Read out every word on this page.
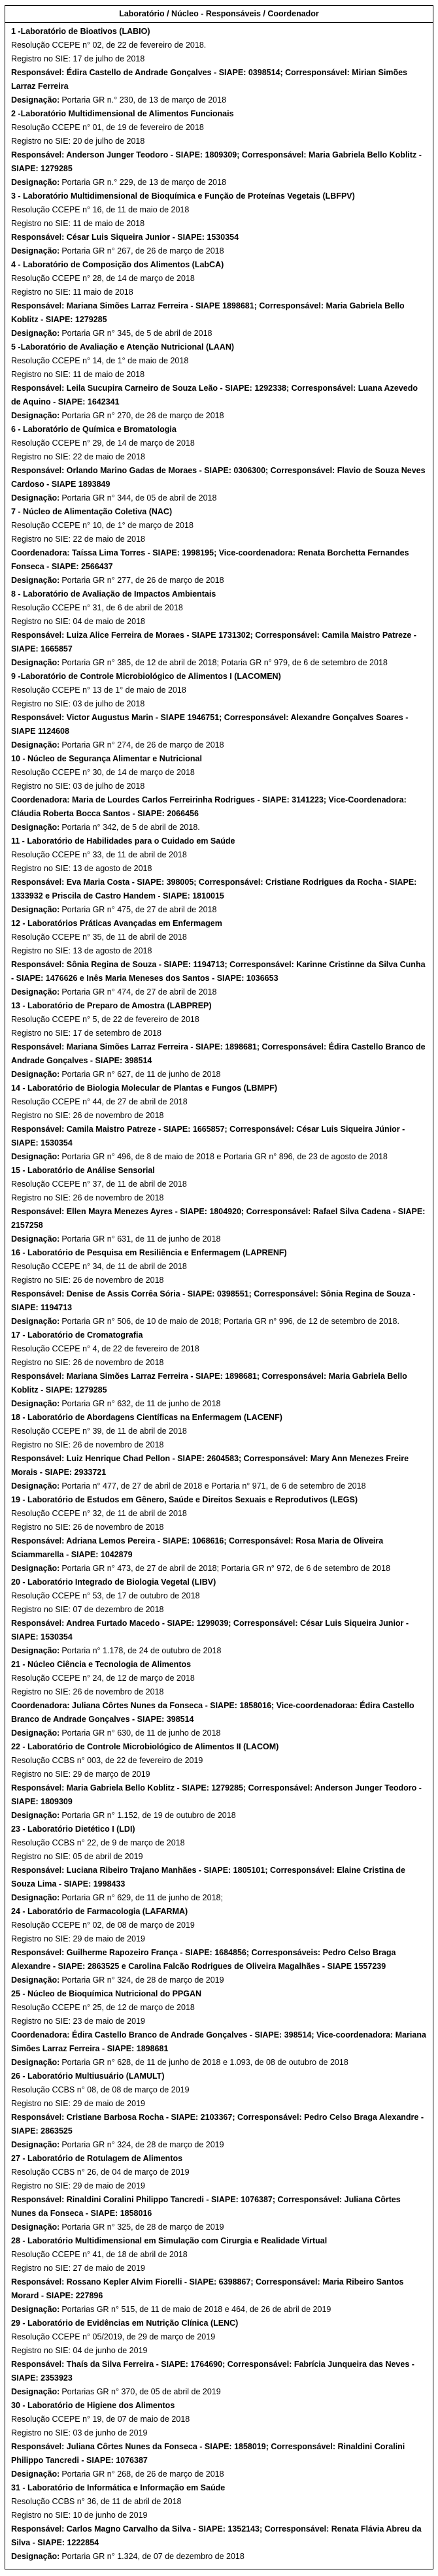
Laboratório / Núcleo - Responsáveis / Coordenador
1 -Laboratório de Bioativos (LABIO)
Resolução CCEPE n° 02, de 22 de fevereiro de 2018.
Registro no SIE: 17 de julho de 2018
Responsável: Édira Castello de Andrade Gonçalves - SIAPE: 0398514; Corresponsável: Mirian Simões Larraz Ferreira
Designação: Portaria GR n.° 230, de 13 de março de 2018
2 -Laboratório Multidimensional de Alimentos Funcionais
Resolução CCEPE n° 01, de 19 de fevereiro de 2018
Registro no SIE: 20 de julho de 2018
Responsável: Anderson Junger Teodoro - SIAPE: 1809309; Corresponsável: Maria Gabriela Bello Koblitz - SIAPE: 1279285
Designação: Portaria GR n.° 229, de 13 de março de 2018
3 - Laboratório Multidimensional de Bioquímica e Função de Proteínas Vegetais (LBFPV)
Resolução CCEPE n° 16, de 11 de maio de 2018
Registro no SIE: 11 de maio de 2018
Responsável: César Luis Siqueira Junior - SIAPE: 1530354
Designação: Portaria GR n° 267, de 26 de março de 2018
4 - Laboratório de Composição dos Alimentos (LabCA)
Resolução CCEPE n° 28, de 14 de março de 2018
Registro no SIE: 11 maio de 2018
Responsável: Mariana Simões Larraz Ferreira - SIAPE 1898681; Corresponsável: Maria Gabriela Bello Koblitz - SIAPE: 1279285
Designação: Portaria GR n° 345, de 5 de abril de 2018
5 -Laboratório de Avaliação e Atenção Nutricional (LAAN)
Resolução CCEPE n° 14, de 1° de maio de 2018
Registro no SIE: 11 de maio de 2018
Responsável: Leila Sucupira Carneiro de Souza Leão - SIAPE: 1292338; Corresponsável: Luana Azevedo de Aquino - SIAPE: 1642341
Designação: Portaria GR n° 270, de 26 de março de 2018
6 - Laboratório de Química e Bromatologia
Resolução CCEPE n° 29, de 14 de março de 2018
Registro no SIE: 22 de maio de 2018
Responsável: Orlando Marino Gadas de Moraes - SIAPE: 0306300; Corresponsável: Flavio de Souza Neves Cardoso - SIAPE 1893849
Designação: Portaria GR n° 344, de 05 de abril de 2018
7 - Núcleo de Alimentação Coletiva (NAC)
Resolução CCEPE n° 10, de 1° de março de 2018
Registro no SIE: 22 de maio de 2018
Coordenadora: Taíssa Lima Torres - SIAPE: 1998195; Vice-coordenadora: Renata Borchetta Fernandes Fonseca - SIAPE: 2566437
Designação: Portaria GR n° 277, de 26 de março de 2018
8 - Laboratório de Avaliação de Impactos Ambientais
Resolução CCEPE n° 31, de 6 de abril de 2018
Registro no SIE: 04 de maio de 2018
Responsável: Luiza Alice Ferreira de Moraes - SIAPE 1731302; Corresponsável: Camila Maistro Patreze - SIAPE: 1665857
Designação: Portaria GR n° 385, de 12 de abril de 2018; Potaria GR n° 979, de 6 de setembro de 2018
9 -Laboratório de Controle Microbiológico de Alimentos I (LACOMEN)
Resolução CCEPE n° 13 de 1° de maio de 2018
Registro no SIE: 03 de julho de 2018
Responsável: Victor Augustus Marin - SIAPE 1946751; Corresponsável: Alexandre Gonçalves Soares - SIAPE 1124608
Designação: Portaria GR n° 274, de 26 de março de 2018
10 - Núcleo de Segurança Alimentar e Nutricional
Resolução CCEPE n° 30, de 14 de março de 2018
Registro no SIE: 03 de julho de 2018
Coordenadora: Maria de Lourdes Carlos Ferreirinha Rodrigues - SIAPE: 3141223; Vice-Coordenadora: Cláudia Roberta Bocca Santos - SIAPE: 2066456
Designação: Portaria n° 342, de 5 de abril de 2018.
11 - Laboratório de Habilidades para o Cuidado em Saúde
Resolução CCEPE n° 33, de 11 de abril de 2018
Registro no SIE: 13 de agosto de 2018
Responsável: Eva Maria Costa - SIAPE: 398005; Corresponsável: Cristiane Rodrigues da Rocha - SIAPE: 1333932 e Priscila de Castro Handem - SIAPE: 1810015
Designação: Portaria GR n° 475, de 27 de abril de 2018
12 - Laboratórios Práticas Avançadas em Enfermagem
Resolução CCEPE n° 35, de 11 de abril de 2018
Registro no SIE: 13 de agosto de 2018
Responsável: Sônia Regina de Souza - SIAPE: 1194713; Corresponsável: Karinne Cristinne da Silva Cunha - SIAPE: 1476626 e Inês Maria Meneses dos Santos - SIAPE: 1036653
Designação: Portaria GR n° 474, de 27 de abril de 2018
13 - Laboratório de Preparo de Amostra (LABPREP)
Resolução CCEPE n° 5, de 22 de fevereiro de 2018
Registro no SIE: 17 de setembro de 2018
Responsável: Mariana Simões Larraz Ferreira - SIAPE: 1898681; Corresponsável: Édira Castello Branco de Andrade Gonçalves - SIAPE: 398514
Designação: Portaria GR n° 627, de 11 de junho de 2018
14 - Laboratório de Biologia Molecular de Plantas e Fungos (LBMPF)
Resolução CCEPE n° 44, de 27 de abril de 2018
Registro no SIE: 26 de novembro de 2018
Responsável: Camila Maistro Patreze - SIAPE: 1665857; Corresponsável: César Luis Siqueira Júnior - SIAPE: 1530354
Designação: Portaria GR n° 496, de 8 de maio de 2018 e Portaria GR n° 896, de 23 de agosto de 2018
15 - Laboratório de Análise Sensorial
Resolução CCEPE n° 37, de 11 de abril de 2018
Registro no SIE: 26 de novembro de 2018
Responsável: Ellen Mayra Menezes Ayres - SIAPE: 1804920; Corresponsável: Rafael Silva Cadena - SIAPE: 2157258
Designação: Portaria GR n° 631, de 11 de junho de 2018
16 - Laboratório de Pesquisa em Resiliência e Enfermagem (LAPRENF)
Resolução CCEPE n° 34, de 11 de abril de 2018
Registro no SIE: 26 de novembro de 2018
Responsável: Denise de Assis Corrêa Sória - SIAPE: 0398551; Corresponsável: Sônia Regina de Souza - SIAPE: 1194713
Designação: Portaria GR n° 506, de 10 de maio de 2018; Portaria GR n° 996, de 12 de setembro de 2018.
17 - Laboratório de Cromatografia
Resolução CCEPE n° 4, de 22 de fevereiro de 2018
Registro no SIE: 26 de novembro de 2018
Responsável: Mariana Simões Larraz Ferreira - SIAPE: 1898681; Corresponsável: Maria Gabriela Bello Koblitz - SIAPE: 1279285
Designação: Portaria GR n° 632, de 11 de junho de 2018
18 - Laboratório de Abordagens Científicas na Enfermagem (LACENF)
Resolução CCEPE n° 39, de 11 de abril de 2018
Registro no SIE: 26 de novembro de 2018
Responsável: Luiz Henrique Chad Pellon - SIAPE: 2604583; Corresponsável: Mary Ann Menezes Freire Morais - SIAPE: 2933721
Designação: Portaria n° 477, de 27 de abril de 2018 e Portaria n° 971, de 6 de setembro de 2018
19 - Laboratório de Estudos em Gênero, Saúde e Direitos Sexuais e Reprodutivos (LEGS)
Resolução CCEPE n° 32, de 11 de abril de 2018
Registro no SIE: 26 de novembro de 2018
Responsável: Adriana Lemos Pereira - SIAPE: 1068616; Corresponsável: Rosa Maria de Oliveira Sciammarella - SIAPE: 1042879
Designação: Portaria GR n° 473, de 27 de abril de 2018; Portaria GR n° 972, de 6 de setembro de 2018
20 - Laboratório Integrado de Biologia Vegetal (LIBV)
Resolução CCEPE n° 53, de 17 de outubro de 2018
Registro no SIE: 07 de dezembro de 2018
Responsável: Andrea Furtado Macedo - SIAPE: 1299039; Corresponsável: César Luis Siqueira Junior - SIAPE: 1530354
Designação: Portaria n° 1.178, de 24 de outubro de 2018
21 - Núcleo Ciência e Tecnologia de Alimentos
Resolução CCEPE n° 24, de 12 de março de 2018
Registro no SIE: 26 de novembro de 2018
Coordenadora: Juliana Côrtes Nunes da Fonseca - SIAPE: 1858016; Vice-coordenadoraa: Édira Castello Branco de Andrade Gonçalves - SIAPE: 398514
Designação: Portaria GR n° 630, de 11 de junho de 2018
22 - Laboratório de Controle Microbiológico de Alimentos II (LACOM)
Resolução CCBS n° 003, de 22 de fevereiro de 2019
Registro no SIE: 29 de março de 2019
Responsável: Maria Gabriela Bello Koblitz - SIAPE: 1279285; Corresponsável: Anderson Junger Teodoro - SIAPE: 1809309
Designação: Portaria GR n° 1.152, de 19 de outubro de 2018
23 - Laboratório Dietético I (LDI)
Resolução CCBS n° 22, de 9 de março de 2018
Registro no SIE: 05 de abril de 2019
Responsável: Luciana Ribeiro Trajano Manhães - SIAPE: 1805101; Corresponsável: Elaine Cristina de Souza Lima - SIAPE: 1998433
Designação: Portaria GR n° 629, de 11 de junho de 2018;
24 - Laboratório de Farmacologia (LAFARMA)
Resolução CCEPE n° 02, de 08 de março de 2019
Registro no SIE: 29 de maio de 2019
Responsável: Guilherme Rapozeiro França - SIAPE: 1684856; Corresponsáveis: Pedro Celso Braga Alexandre - SIAPE: 2863525 e Carolina Falcão Rodrigues de Oliveira Magalhães - SIAPE 1557239
Designação: Portaria GR n° 324, de 28 de março de 2019
25 - Núcleo de Bioquímica Nutricional do PPGAN
Resolução CCEPE n° 25, de 12 de março de 2018
Registro no SIE: 23 de maio de 2019
Coordenadora: Édira Castello Branco de Andrade Gonçalves - SIAPE: 398514; Vice-coordenadora: Mariana Simões Larraz Ferreira - SIAPE: 1898681
Designação: Portaria GR n° 628, de 11 de junho de 2018 e 1.093, de 08 de outubro de 2018
26 - Laboratório Multiusuário (LAMULT)
Resolução CCBS n° 08, de 08 de março de 2019
Registro no SIE: 29 de maio de 2019
Responsável: Cristiane Barbosa Rocha - SIAPE: 2103367; Corresponsável: Pedro Celso Braga Alexandre - SIAPE: 2863525
Designação: Portaria GR n° 324, de 28 de março de 2019
27 - Laboratório de Rotulagem de Alimentos
Resolução CCBS n° 26, de 04 de março de 2019
Registro no SIE: 29 de maio de 2019
Responsável: Rinaldini Coralini Philippo Tancredi - SIAPE: 1076387; Corresponsável: Juliana Côrtes Nunes da Fonseca - SIAPE: 1858016
Designação: Portaria GR n° 325, de 28 de março de 2019
28 - Laboratório Multidimensional em Simulação com Cirurgia e Realidade Virtual
Resolução CCEPE n° 41, de 18 de abril de 2018
Registro no SIE: 27 de maio de 2019
Responsável: Rossano Kepler Alvim Fiorelli - SIAPE: 6398867; Corresponsável: Maria Ribeiro Santos Morard - SIAPE: 227896
Designação: Portarias GR n° 515, de 11 de maio de 2018 e 464, de 26 de abril de 2019
29 - Laboratório de Evidências em Nutrição Clínica (LENC)
Resolução CCEPE n° 05/2019, de 29 de março de 2019
Registro no SIE: 04 de junho de 2019
Responsável: Thaís da Silva Ferreira - SIAPE: 1764690; Corresponsável: Fabrícia Junqueira das Neves - SIAPE: 2353923
Designação: Portarias GR n° 370, de 05 de abril de 2019
30 - Laboratório de Higiene dos Alimentos
Resolução CCEPE n° 19, de 07 de maio de 2018
Registro no SIE: 03 de junho de 2019
Responsável: Juliana Côrtes Nunes da Fonseca - SIAPE: 1858019; Corresponsável: Rinaldini Coralini Philippo Tancredi - SIAPE: 1076387
Designação: Portaria GR n° 268, de 26 de março de 2018
31 - Laboratório de Informática e Informação em Saúde
Resolução CCBS n° 36, de 11 de abril de 2018
Registro no SIE: 10 de junho de 2019
Responsável: Carlos Magno Carvalho da Silva - SIAPE: 1352143; Corresponsável: Renata Flávia Abreu da Silva - SIAPE: 1222854
Designação: Portaria GR n° 1.324, de 07 de dezembro de 2018
